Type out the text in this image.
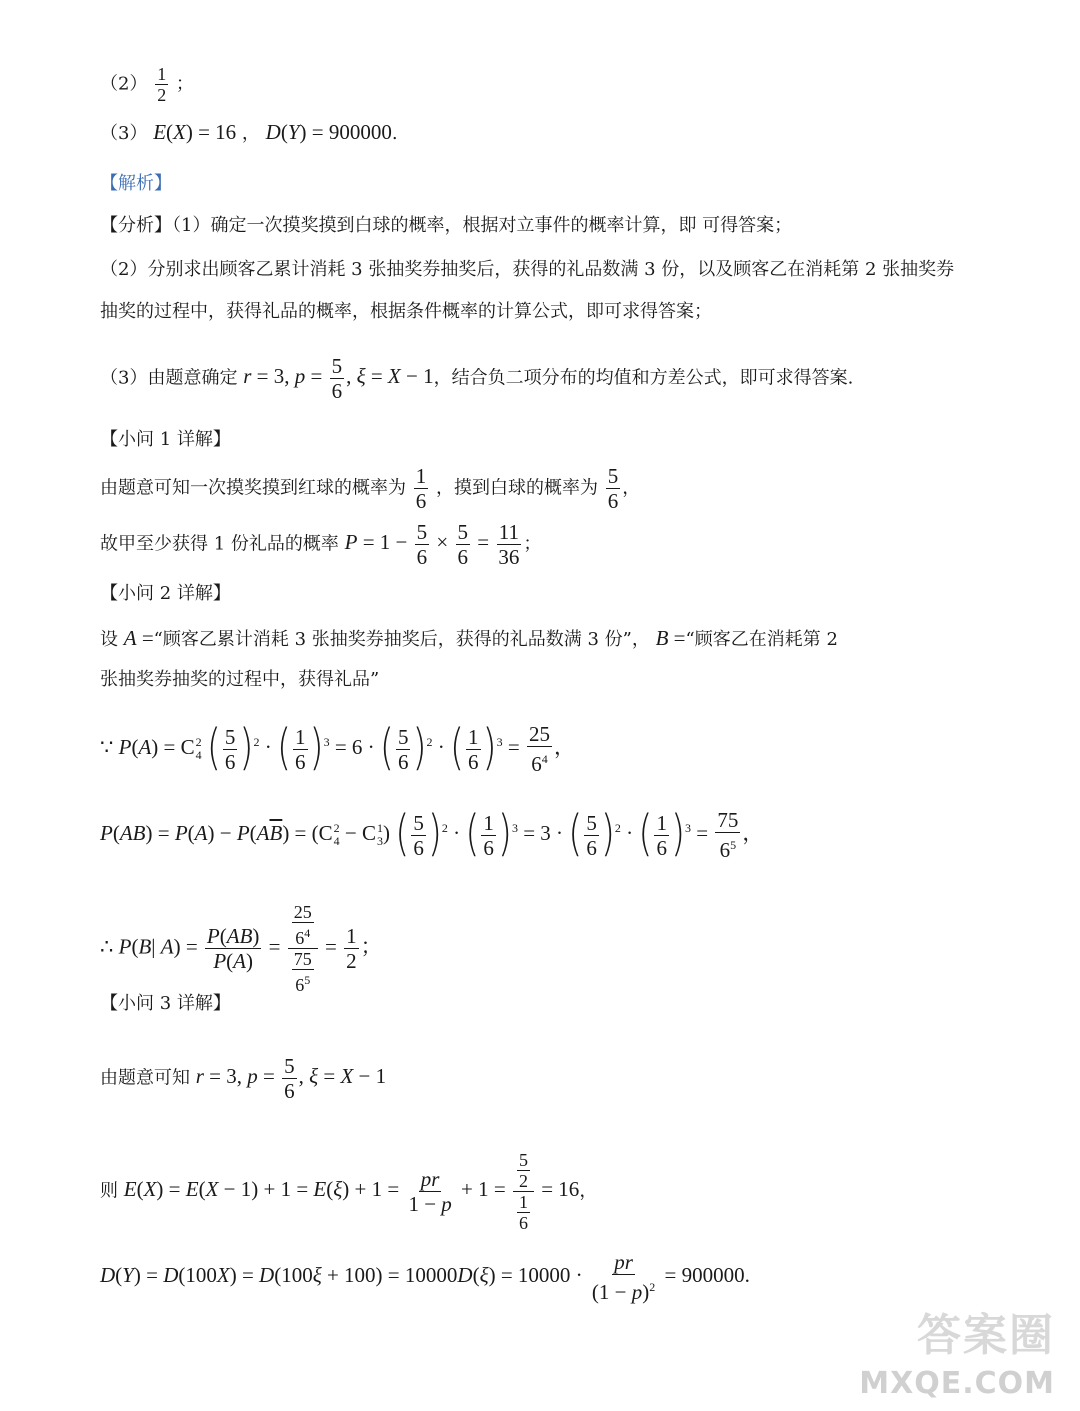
$(2) \frac{1}{2}$ ；
（3） E(X) = 16 ， D(Y) = 900000.
【解析】
【分析】（1）确定一次摸奖摸到白球的概率，根据对立事件的概率计算，即 可得答案；
（2）分别求出顾客乙累计消耗 3 张抽奖券抽奖后，获得的礼品数满 3 份，以及顾客乙在消耗第 2 张抽奖券
抽奖的过程中，获得礼品的概率，根据条件概率的计算公式，即可求得答案；
（3）由题意确定 r = 3, $p = \frac{5}{6}$ , ξ = X − 1，结合负二项分布的均值和方差公式，即可求得答案.
【小问 1 详解】
由题意可知一次摸奖摸到红球的概率为 $\frac{1}{6}$ ，摸到白球的概率为 $\frac{5}{6}$ ，
故甲至少获得 1 份礼品的概率 $P = 1 - \frac{5}{6} \times \frac{5}{6} = \frac{11}{36}$ ；
【小问 2 详解】
设 A =“顾客乙累计消耗 3 张抽奖券抽奖后，获得的礼品数满 3 份”， B =“顾客乙在消耗第 2
张抽奖券抽奖的过程中，获得礼品”
∵ P(A) = C 2
4 ( $\frac{5}{6} )^2$ · ( $\frac{1}{6} )^3 = 6$ · ( $\frac{5}{6} )^2$ · ( $\frac{1}{6} )^3 = \frac{25}{6^4}$ ，
$P(AB) = P(A) - P(A\overline{B}) = (C$ 2
4 − C 1
3 ) ( $\frac{5}{6} )^2$ · ( $\frac{1}{6} )^3 = 3$ · ( $\frac{5}{6} )^2$ · ( $\frac{1}{6} )^3 = \frac{75}{6^5}$ ，
∴ P(B| $A) = \frac{P(AB)}{P(A)} = \frac{\frac{25}{6^4}}{\frac{75}{6^5}} = \frac{1}{2}$ ；
【小问 3 详解】
由题意可知 r = 3, $p = \frac{5}{6}$ , ξ = X − 1
则 $E(X) = E(X - 1) + 1 = E(\xi) + 1 = \frac{pr}{1 - p} + 1 = \frac{\frac{5}{2}}{\frac{1}{6}} = 16$，
$D(Y) = D(100X) = D(100\xi + 100) = 10000D(\xi) = 10000 \cdot \frac{pr}{(1 - p)^2} = 900000$.
答案圈
MXQE.COM
